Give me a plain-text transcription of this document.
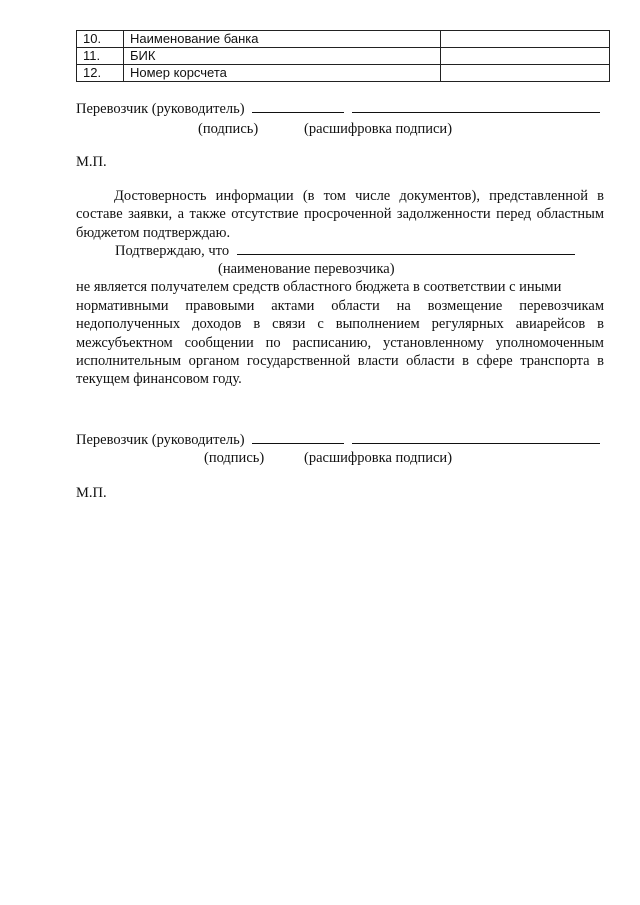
10.	Наименование банка	
11.	БИК	
12.	Номер корсчета	
Перевозчик (руководитель)
(подпись)	(расшифровка подписи)
М.П.
Достоверность информации (в том числе документов), представленной в составе заявки, а также отсутствие просроченной задолженности перед областным бюджетом подтверждаю.
Подтверждаю, что
(наименование перевозчика)
не является получателем средств областного бюджета в соответствии с иными
нормативными правовыми актами области на возмещение перевозчикам недополученных доходов в связи с выполнением регулярных авиарейсов в межсубъектном сообщении по расписанию, установленному уполномоченным исполнительным органом государственной власти области в сфере транспорта в текущем финансовом году.
Перевозчик (руководитель)
(подпись)	(расшифровка подписи)
М.П.
